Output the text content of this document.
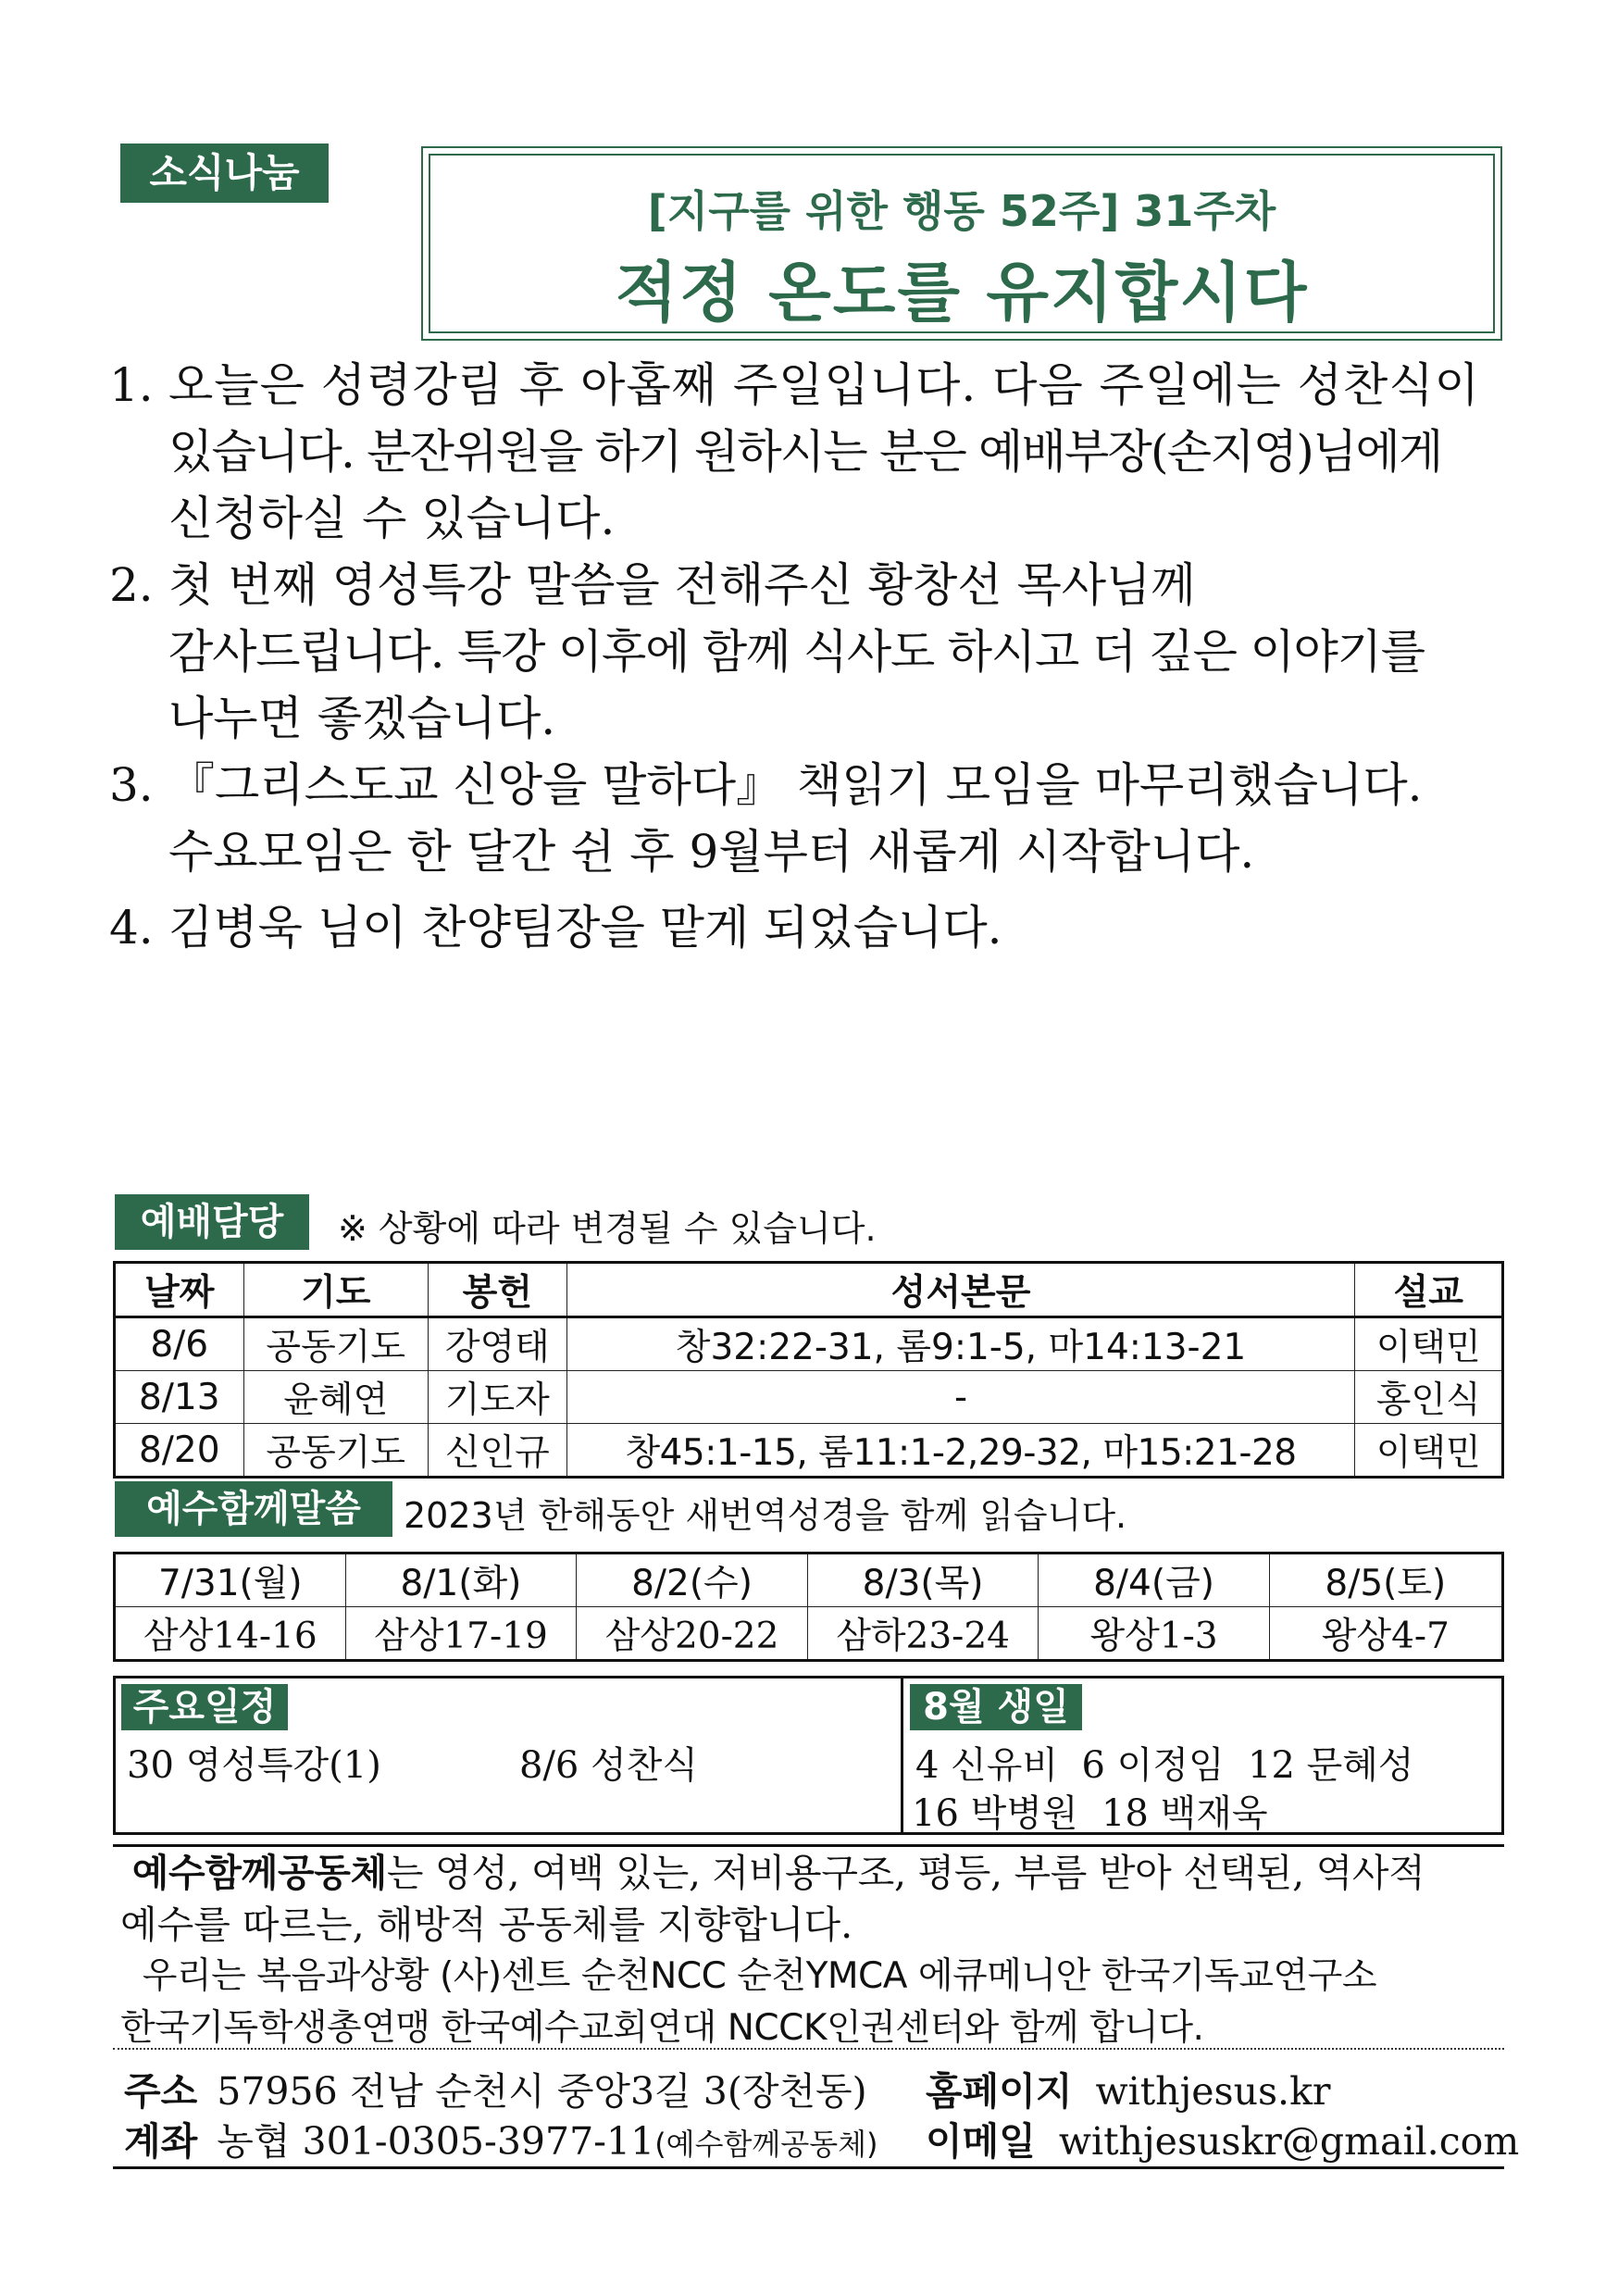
소식나눔
[지구를 위한 행동 52주] 31주차
적정 온도를 유지합시다
1. 오늘은 성령강림 후 아홉째 주일입니다. 다음 주일에는 성찬식이
있습니다. 분잔위원을 하기 원하시는 분은 예배부장(손지영)님에게
신청하실 수 있습니다.
2. 첫 번째 영성특강 말씀을 전해주신 황창선 목사님께
감사드립니다. 특강 이후에 함께 식사도 하시고 더 깊은 이야기를
나누면 좋겠습니다.
3. 『그리스도교 신앙을 말하다』 책읽기 모임을 마무리했습니다.
수요모임은 한 달간 쉰 후 9월부터 새롭게 시작합니다.
4. 김병욱 님이 찬양팀장을 맡게 되었습니다.
예배담당	※ 상황에 따라 변경될 수 있습니다.
날짜	기도	봉헌	성서본문	설교
8/6	공동기도	강영태	창32:22-31, 롬9:1-5, 마14:13-21	이택민
8/13	윤혜연	기도자	-	홍인식
8/20	공동기도	신인규	창45:1-15, 롬11:1-2,29-32, 마15:21-28	이택민
예수함께말씀	2023년 한해동안 새번역성경을 함께 읽습니다.
7/31(월)	8/1(화)	8/2(수)	8/3(목)	8/4(금)	8/5(토)
삼상14-16	삼상17-19	삼상20-22	삼하23-24	왕상1-3	왕상4-7
주요일정
30 영성특강(1)	8/6 성찬식
8월 생일
4 신유비  6 이정임  12 문혜성
16 박병원  18 백재욱
예수함께공동체는 영성, 여백 있는, 저비용구조, 평등, 부름 받아 선택된, 역사적
예수를 따르는, 해방적 공동체를 지향합니다.
우리는 복음과상황 (사)센트 순천NCC 순천YMCA 에큐메니안 한국기독교연구소
한국기독학생총연맹 한국예수교회연대 NCCK인권센터와 함께 합니다.
주소 57956 전남 순천시 중앙3길 3(장천동) 홈페이지 withjesus.kr
계좌 농협 301-0305-3977-11(예수함께공동체) 이메일 withjesuskr@gmail.com
